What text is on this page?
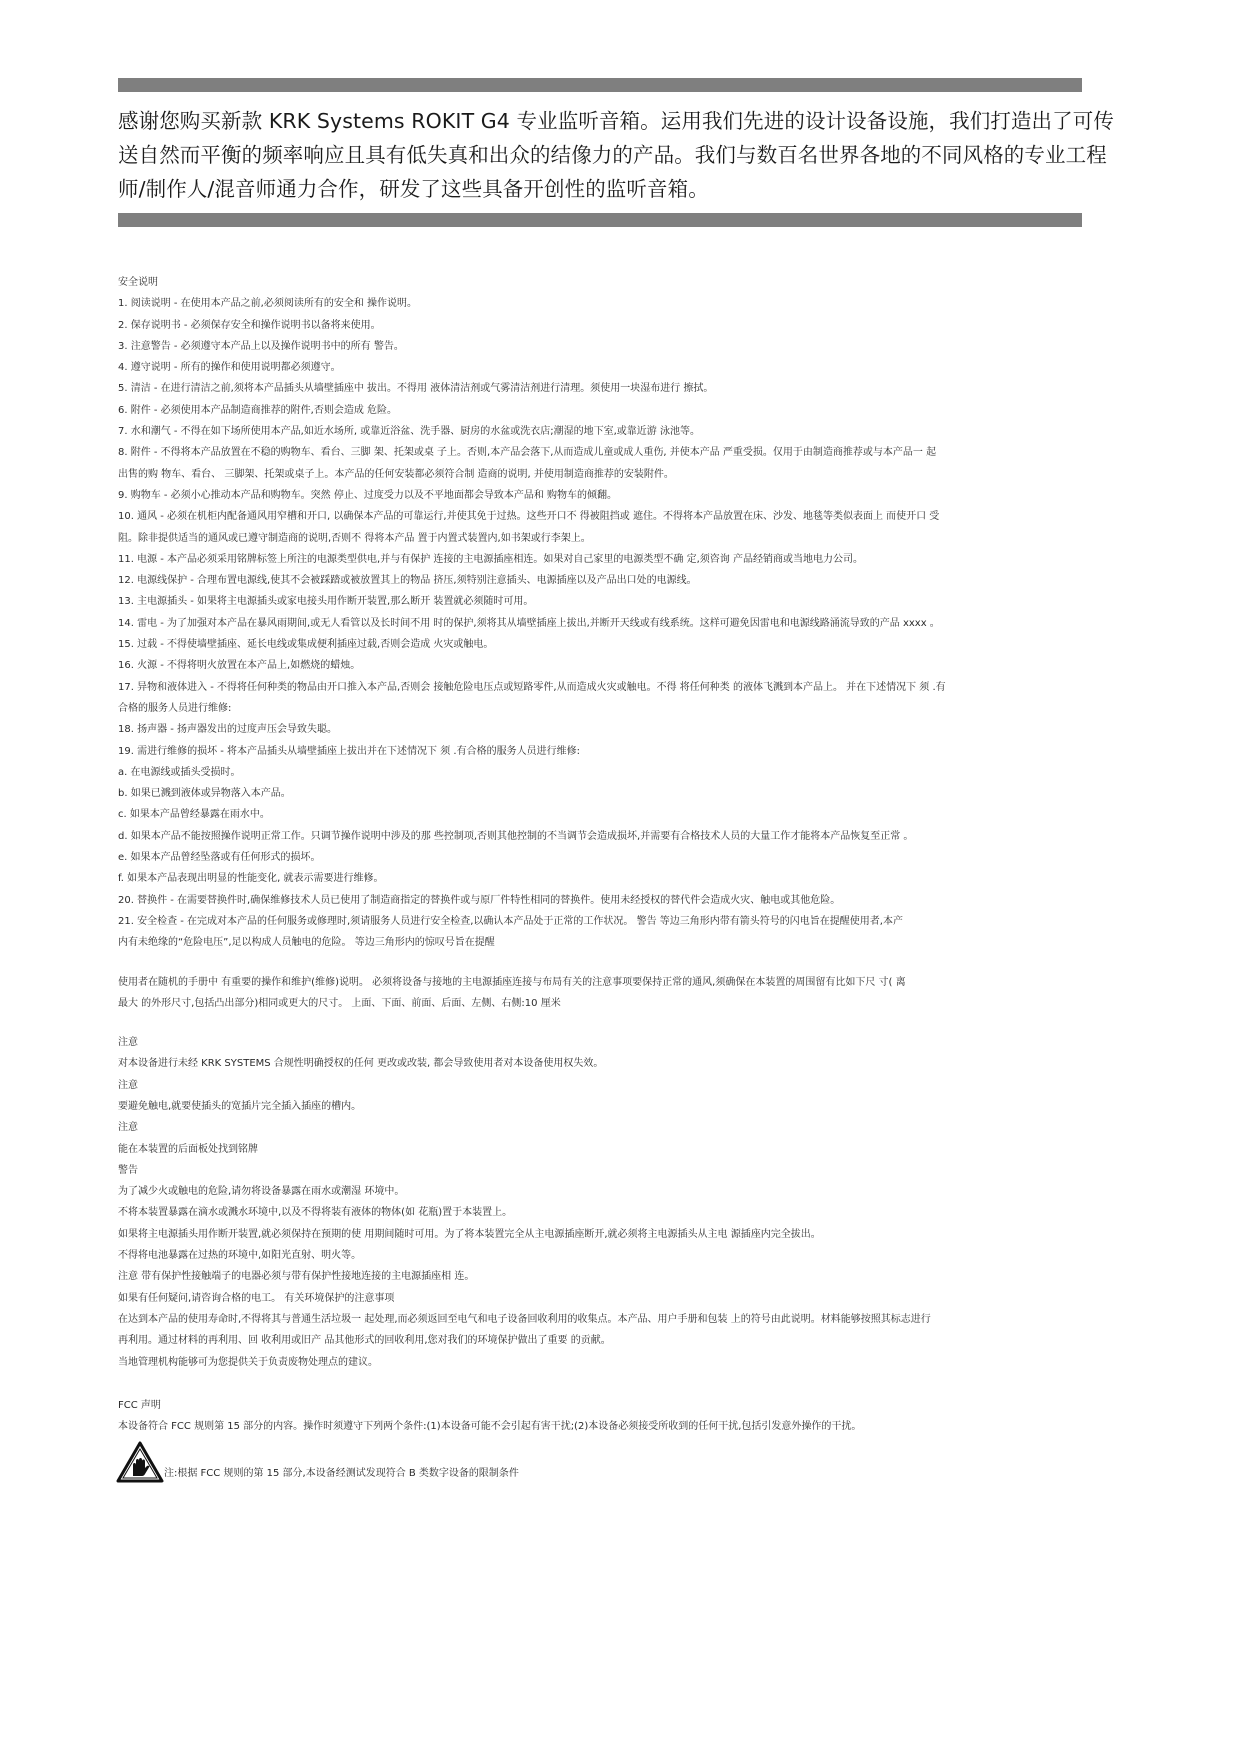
感谢您购买新款 KRK Systems ROKIT G4 专业监听音箱。运用我们先进的设计设备设施，我们打造出了可传送自然而平衡的频率响应且具有低失真和出众的结像力的产品。我们与数百名世界各地的不同风格的专业工程师/制作人/混音师通力合作，研发了这些具备开创性的监听音箱。

安全说明

1. 阅读说明 - 在使用本产品之前,必须阅读所有的安全和 操作说明。

2. 保存说明书 - 必须保存安全和操作说明书以备将来使用。

3. 注意警告 - 必须遵守本产品上以及操作说明书中的所有 警告。

4. 遵守说明 - 所有的操作和使用说明都必须遵守。

5. 清洁 - 在进行清洁之前,须将本产品插头从墙壁插座中 拔出。不得用 液体清洁剂或气雾清洁剂进行清理。须使用一块湿布进行 擦拭。

6. 附件 - 必须使用本产品制造商推荐的附件,否则会造成 危险。

7. 水和潮气 - 不得在如下场所使用本产品,如近水场所, 或靠近浴盆、洗手器、厨房的水盆或洗衣店;潮湿的地下室,或靠近游 泳池等。

8. 附件 - 不得将本产品放置在不稳的购物车、看台、三脚 架、托架或桌 子上。否则,本产品会落下,从而造成儿童或成人重伤, 并使本产品 严重受损。仅用于由制造商推荐或与本产品一 起

出售的购 物车、看台、 三脚架、托架或桌子上。本产品的任何安装都必须符合制 造商的说明, 并使用制造商推荐的安装附件。

9. 购物车 - 必须小心推动本产品和购物车。突然 停止、过度受力以及不平地面都会导致本产品和 购物车的倾翻。

10. 通风 - 必须在机柜内配备通风用窄槽和开口, 以确保本产品的可靠运行,并使其免于过热。这些开口不 得被阻挡或 遮住。不得将本产品放置在床、沙发、地毯等类似表面上 而使开口 受

阻。除非提供适当的通风或已遵守制造商的说明,否则不 得将本产品 置于内置式装置内,如书架或行李架上。

11. 电源 - 本产品必须采用铭牌标签上所注的电源类型供电,并与有保护 连接的主电源插座相连。如果对自己家里的电源类型不确 定,须咨询 产品经销商或当地电力公司。

12. 电源线保护 - 合理布置电源线,使其不会被踩踏或被放置其上的物品 挤压,须特别注意插头、电源插座以及产品出口处的电源线。

13. 主电源插头 - 如果将主电源插头或家电接头用作断开装置,那么断开 装置就必须随时可用。

14. 雷电 - 为了加强对本产品在暴风雨期间,或无人看管以及长时间不用 时的保护,须将其从墙壁插座上拔出,并断开天线或有线系统。这样可避免因雷电和电源线路涌流导致的产品 xxxx 。

15. 过载 - 不得使墙壁插座、延长电线或集成便利插座过载,否则会造成 火灾或触电。

16. 火源 - 不得将明火放置在本产品上,如燃烧的蜡烛。

17. 异物和液体进入 - 不得将任何种类的物品由开口推入本产品,否则会 接触危险电压点或短路零件,从而造成火灾或触电。不得 将任何种类 的液体飞溅到本产品上。 并在下述情况下 须 .有

合格的服务人员进行维修:

18. 扬声器 - 扬声器发出的过度声压会导致失聪。

19. 需进行维修的损坏 - 将本产品插头从墙壁插座上拔出并在下述情况下 须 .有合格的服务人员进行维修:

a. 在电源线或插头受损时。

b. 如果已溅到液体或异物落入本产品。

c. 如果本产品曾经暴露在雨水中。

d. 如果本产品不能按照操作说明正常工作。只调节操作说明中涉及的那 些控制项,否则其他控制的不当调节会造成损坏,并需要有合格技术人员的大量工作才能将本产品恢复至正常 。

e. 如果本产品曾经坠落或有任何形式的损坏。

f. 如果本产品表现出明显的性能变化, 就表示需要进行维修。

20. 替换件 - 在需要替换件时,确保维修技术人员已使用了制造商指定的替换件或与原厂件特性相同的替换件。使用未经授权的替代件会造成火灾、触电或其他危险。

21. 安全检查 - 在完成对本产品的任何服务或修理时,须请服务人员进行安全检查,以确认本产品处于正常的工作状况。 警告 等边三角形内带有箭头符号的闪电旨在提醒使用者,本产

内有未绝缘的“危险电压”,足以构成人员触电的危险。 等边三角形内的惊叹号旨在提醒

使用者在随机的手册中 有重要的操作和维护(维修)说明。 必须将设备与接地的主电源插座连接与布局有关的注意事项要保持正常的通风,须确保在本装置的周围留有比如下尺 寸( 离

最大 的外形尺寸,包括凸出部分)相同或更大的尺寸。 上面、下面、前面、后面、左侧、右侧:10 厘米

注意

对本设备进行未经 KRK SYSTEMS 合规性明确授权的任何 更改或改装, 都会导致使用者对本设备使用权失效。

注意

要避免触电,就要使插头的宽插片完全插入插座的槽内。

注意

能在本装置的后面板处找到铭牌

警告

为了减少火或触电的危险,请勿将设备暴露在雨水或潮湿 环境中。

不将本装置暴露在滴水或溅水环境中,以及不得将装有液体的物体(如 花瓶)置于本装置上。

如果将主电源插头用作断开装置,就必须保持在预期的使 用期间随时可用。为了将本装置完全从主电源插座断开,就必须将主电源插头从主电 源插座内完全拔出。

不得将电池暴露在过热的环境中,如阳光直射、明火等。

注意 带有保护性接触端子的电器必须与带有保护性接地连接的主电源插座相 连。

如果有任何疑问,请咨询合格的电工。 有关环境保护的注意事项

在达到本产品的使用寿命时,不得将其与普通生活垃圾一 起处理,而必须返回至电气和电子设备回收利用的收集点。本产品、用户手册和包装 上的符号由此说明。材料能够按照其标志进行

再利用。通过材料的再利用、回 收利用或旧产 品其他形式的回收利用,您对我们的环境保护做出了重要 的贡献。

当地管理机构能够可为您提供关于负责废物处理点的建议。

FCC 声明

本设备符合 FCC 规则第 15 部分的内容。操作时须遵守下列两个条件:(1)本设备可能不会引起有害干扰;(2)本设备必须接受所收到的任何干扰,包括引发意外操作的干扰。

注:根据 FCC 规则的第 15 部分,本设备经测试发现符合 B 类数字设备的限制条件
